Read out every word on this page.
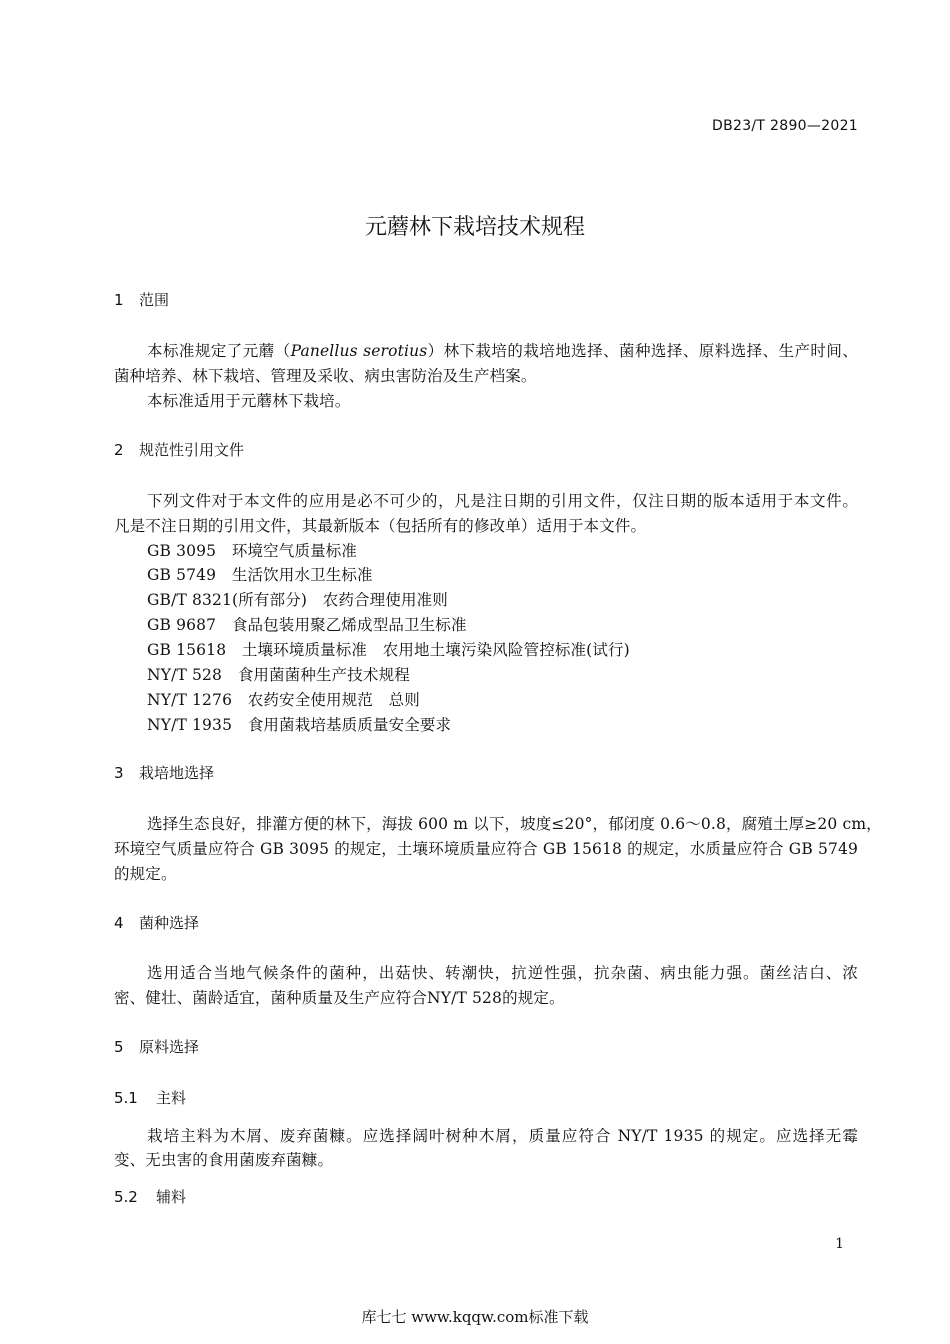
DB23/T 2890—2021
元蘑林下栽培技术规程
1 范围
本标准规定了元蘑（Panellus serotius）林下栽培的栽培地选择、菌种选择、原料选择、生产时间、
菌种培养、林下栽培、管理及采收、病虫害防治及生产档案。
本标准适用于元蘑林下栽培。
2 规范性引用文件
下列文件对于本文件的应用是必不可少的，凡是注日期的引用文件，仅注日期的版本适用于本文件。
凡是不注日期的引用文件，其最新版本（包括所有的修改单）适用于本文件。
GB 3095　 环境空气质量标准
GB 5749　 生活饮用水卫生标准
GB/T 8321(所有部分)　 农药合理使用准则
GB 9687　 食品包装用聚乙烯成型品卫生标准
GB 15618　 土壤环境质量标准　农用地土壤污染风险管控标准(试行)
NY/T 528　 食用菌菌种生产技术规程
NY/T 1276　 农药安全使用规范　总则
NY/T 1935　 食用菌栽培基质质量安全要求
3 栽培地选择
选择生态良好，排灌方便的林下，海拔 600 m 以下，坡度≤20°，郁闭度 0.6～0.8，腐殖土厚≥20 cm，
环境空气质量应符合 GB 3095 的规定，土壤环境质量应符合 GB 15618 的规定，水质量应符合 GB 5749
的规定。
4 菌种选择
选用适合当地气候条件的菌种，出菇快、转潮快，抗逆性强，抗杂菌、病虫能力强。菌丝洁白、浓
密、健壮、菌龄适宜，菌种质量及生产应符合NY/T 528的规定。
5 原料选择
5.1 主料
栽培主料为木屑、废弃菌糠。应选择阔叶树种木屑，质量应符合 NY/T 1935 的规定。应选择无霉
变、无虫害的食用菌废弃菌糠。
5.2 辅料
1
库七七 www.kqqw.com标准下载
